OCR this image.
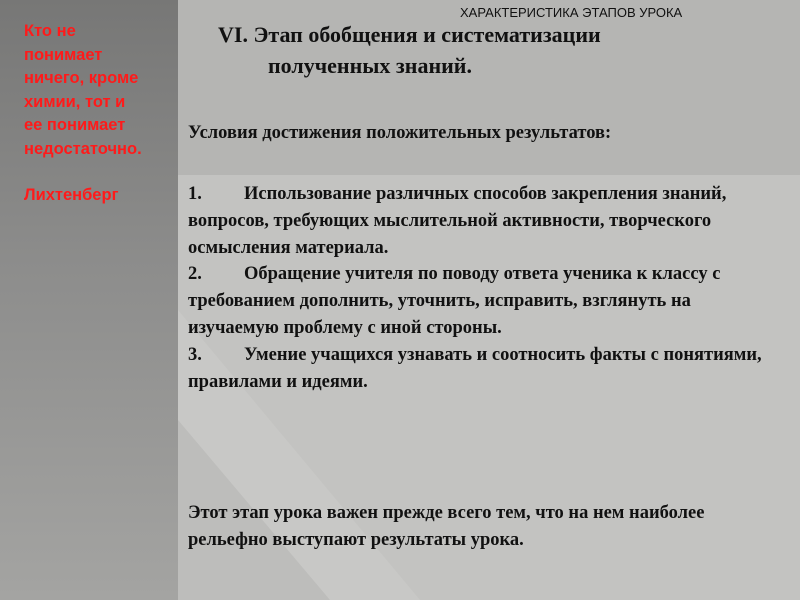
Кто не
понимает
ничего, кроме
химии, тот и
ее понимает
недостаточно.
Лихтенберг
ХАРАКТЕРИСТИКА ЭТАПОВ УРОКА
VI. Этап обобщения и систематизации
полученных знаний.
Условия достижения положительных результатов:
1. Использование различных способов закрепления знаний, вопросов, требующих мыслительной активности, творческого осмысления материала.
2. Обращение учителя по поводу ответа ученика к классу с требованием дополнить, уточнить, исправить, взглянуть на изучаемую проблему с иной стороны.
3. Умение учащихся узнавать и соотносить факты с понятиями, правилами и идеями.
Этот этап урока важен прежде всего тем, что на нем наиболее рельефно выступают результаты урока.
